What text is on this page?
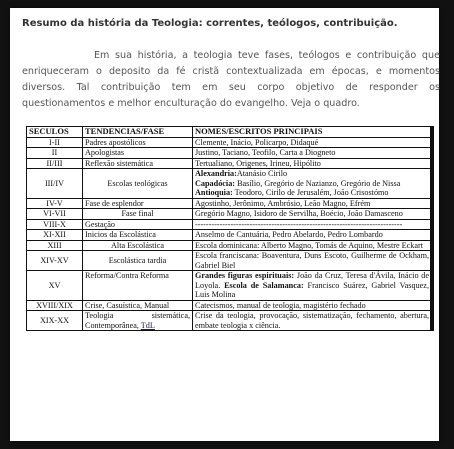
Resumo da história da Teologia: correntes, teólogos, contribuição.
Em sua história, a teologia teve fases, teólogos e contribuição que enriqueceram o deposito da fé cristã contextualizada em épocas, e momentos diversos. Tal contribuição tem em seu corpo objetivo de responder os questionamentos e melhor enculturação do evangelho. Veja o quadro.
SECULOS	TENDENCIAS/FASE	NOMES/ESCRITOS PRINCIPAIS
I-II	Padres apostólicos	Clemente, Inácio, Policarpo, Didaqué
II	Apologistas	Justino, Taciano, Teofilo, Carta a Diogneto
II/III	Reflexão sistemática	Tertualiano, Origenes, Irineu, Hipólito
III/IV	Escolas teológicas	Alexandria:Atanásio Cirilo
Capadócia: Basílio, Gregório de Nazianzo, Gregório de Nissa
Antioquia: Teodoro, Cirilo de Jerusalém, João Crisostómo

IV-V	Fase de esplendor	Agostinho, Jerônimo, Ambrósio, Leão Magno, Efrém
VI-VII	Fase final	Gregório Magno, Isidoro de Servilha, Boécio, João Damasceno
VIII-X	Gestação	----------------------------------------------------------------------------
XI-XII	Inicios da Escolástica	Anselmo de Cantuária, Pedro Abelardo, Pedro Lombardo
XIII	Alta Escolástica	Escola dominicana: Alberto Magno, Tomás de Aquino, Mestre Eckart
XIV-XV	Escolástica tardia	Escola franciscana: Boaventura, Duns Escoto, Guilherme de Ockham, Gabriel Biel
XV	Reforma/Contra Reforma	Grandes figuras espirituais: João da Cruz, Teresa d'Ávila, Inácio de Loyola. Escola de Salamanca: Francisco Suárez, Gabriel Vasquez, Luis Molina
XVIII/XIX	Crise, Casuística, Manual	Catecismos, manual de teologia, magistério fechado
XIX-XX	Teologia sistemática, Contemporânea, TdL	Crise da teologia, provocação, sistematização, fechamento, abertura, embate teologia x ciência.
